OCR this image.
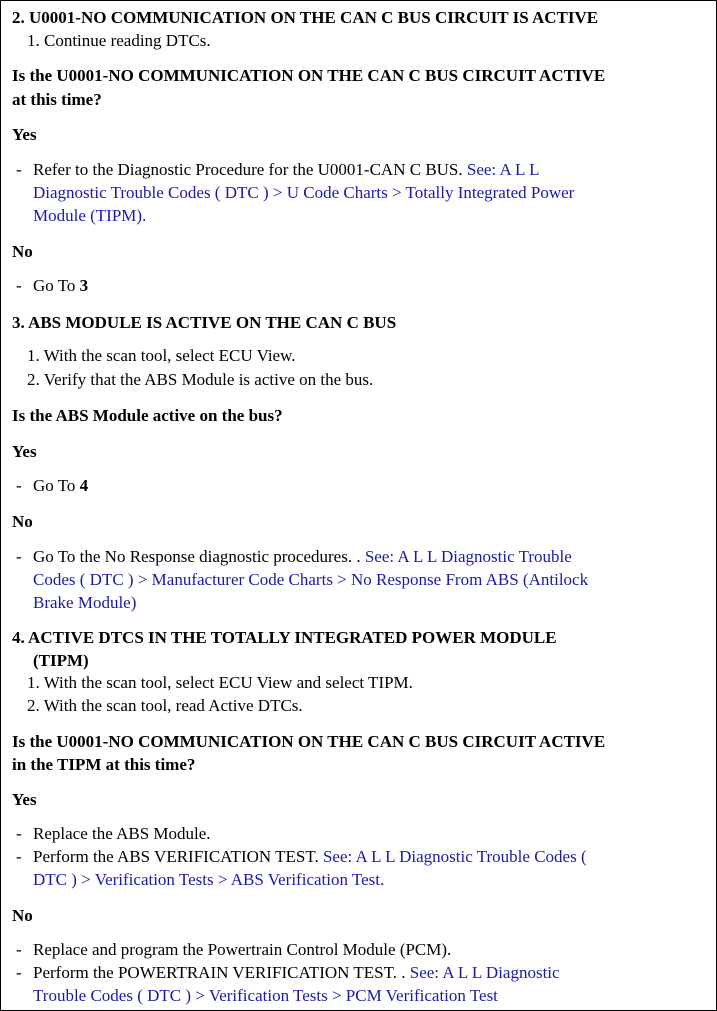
2. U0001-NO COMMUNICATION ON THE CAN C BUS CIRCUIT IS ACTIVE
1. Continue reading DTCs.
Is the U0001-NO COMMUNICATION ON THE CAN C BUS CIRCUIT ACTIVE
at this time?
Yes
- Refer to the Diagnostic Procedure for the U0001-CAN C BUS. See: A L L
Diagnostic Trouble Codes ( DTC ) > U Code Charts > Totally Integrated Power
Module (TIPM).
No
- Go To 3
3. ABS MODULE IS ACTIVE ON THE CAN C BUS
1. With the scan tool, select ECU View.
2. Verify that the ABS Module is active on the bus.
Is the ABS Module active on the bus?
Yes
- Go To 4
No
- Go To the No Response diagnostic procedures. . See: A L L Diagnostic Trouble
Codes ( DTC ) > Manufacturer Code Charts > No Response From ABS (Antilock
Brake Module)
4. ACTIVE DTCS IN THE TOTALLY INTEGRATED POWER MODULE
(TIPM)
1. With the scan tool, select ECU View and select TIPM.
2. With the scan tool, read Active DTCs.
Is the U0001-NO COMMUNICATION ON THE CAN C BUS CIRCUIT ACTIVE
in the TIPM at this time?
Yes
- Replace the ABS Module.
- Perform the ABS VERIFICATION TEST. See: A L L Diagnostic Trouble Codes (
DTC ) > Verification Tests > ABS Verification Test.
No
- Replace and program the Powertrain Control Module (PCM).
- Perform the POWERTRAIN VERIFICATION TEST. . See: A L L Diagnostic
Trouble Codes ( DTC ) > Verification Tests > PCM Verification Test
